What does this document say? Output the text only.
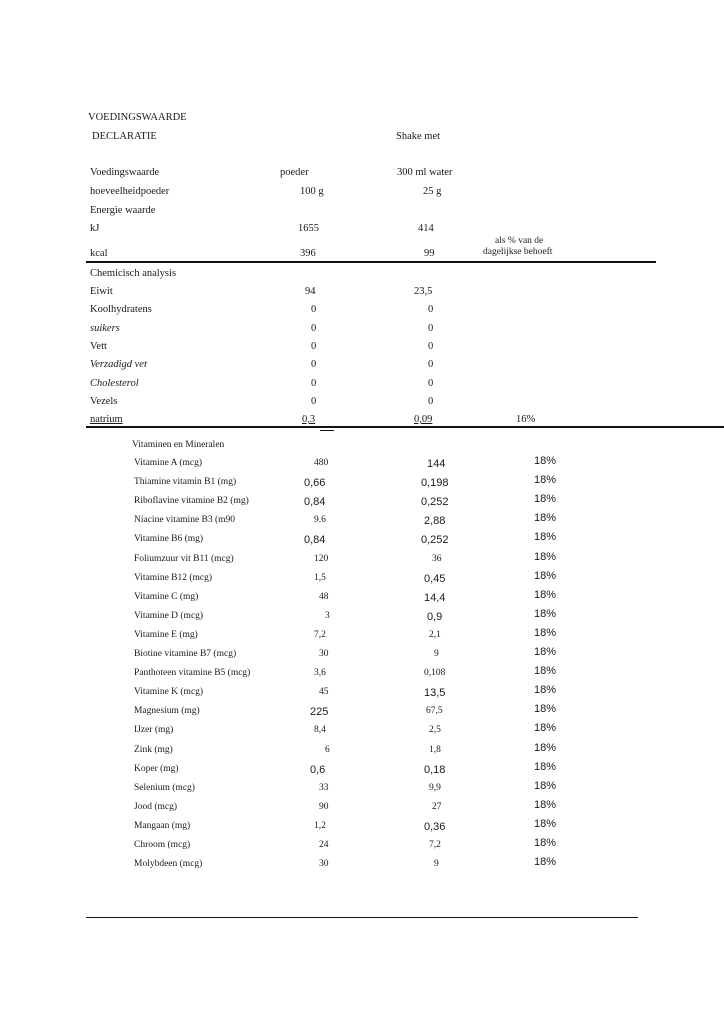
VOEDINGSWAARDE
DECLARATIE	Shake met
Voedingswaarde	poeder	300 ml water
hoeveelheidpoeder	100 g	25 g
Energie waarde
kJ	1655	414
als % van de
dagelijkse behoeft
kcal	396	99
Chemicisch analysis
Eiwit	94	23,5
Koolhydratens	0	0
suikers	0	0
Vett	0	0
Verzadigd vet	0	0
Cholesterol	0	0
Vezels	0	0
natrium	0,3	0,09	16%
Vitaminen en Mineralen
Vitamine A (mcg)	480	144	18%
Thiamine vitamin B1 (mg)	0,66	0,198	18%
Riboflavine vitamine B2 (mg)	0,84	0,252	18%
Niacine vitamine B3 (m90	9.6	2,88	18%
Vitamine B6 (mg)	0,84	0,252	18%
Foliumzuur vit B11 (mcg)	120	36	18%
Vitamine B12 (mcg)	1,5	0,45	18%
Vitamine C (mg)	48	14,4	18%
Vitamine D (mcg)	3	0,9	18%
Vitamine E (mg)	7,2	2,1	18%
Biotine vitamine B7 (mcg)	30	9	18%
Panthoteen vitamine B5 (mcg)	3,6	0,108	18%
Vitamine K (mcg)	45	13,5	18%
Magnesium (mg)	225	67,5	18%
IJzer (mg)	8,4	2,5	18%
Zink (mg)	6	1,8	18%
Koper (mg)	0,6	0,18	18%
Selenium (mcg)	33	9,9	18%
Jood (mcg)	90	27	18%
Mangaan (mg)	1,2	0,36	18%
Chroom (mcg)	24	7,2	18%
Molybdeen (mcg)	30	9	18%
